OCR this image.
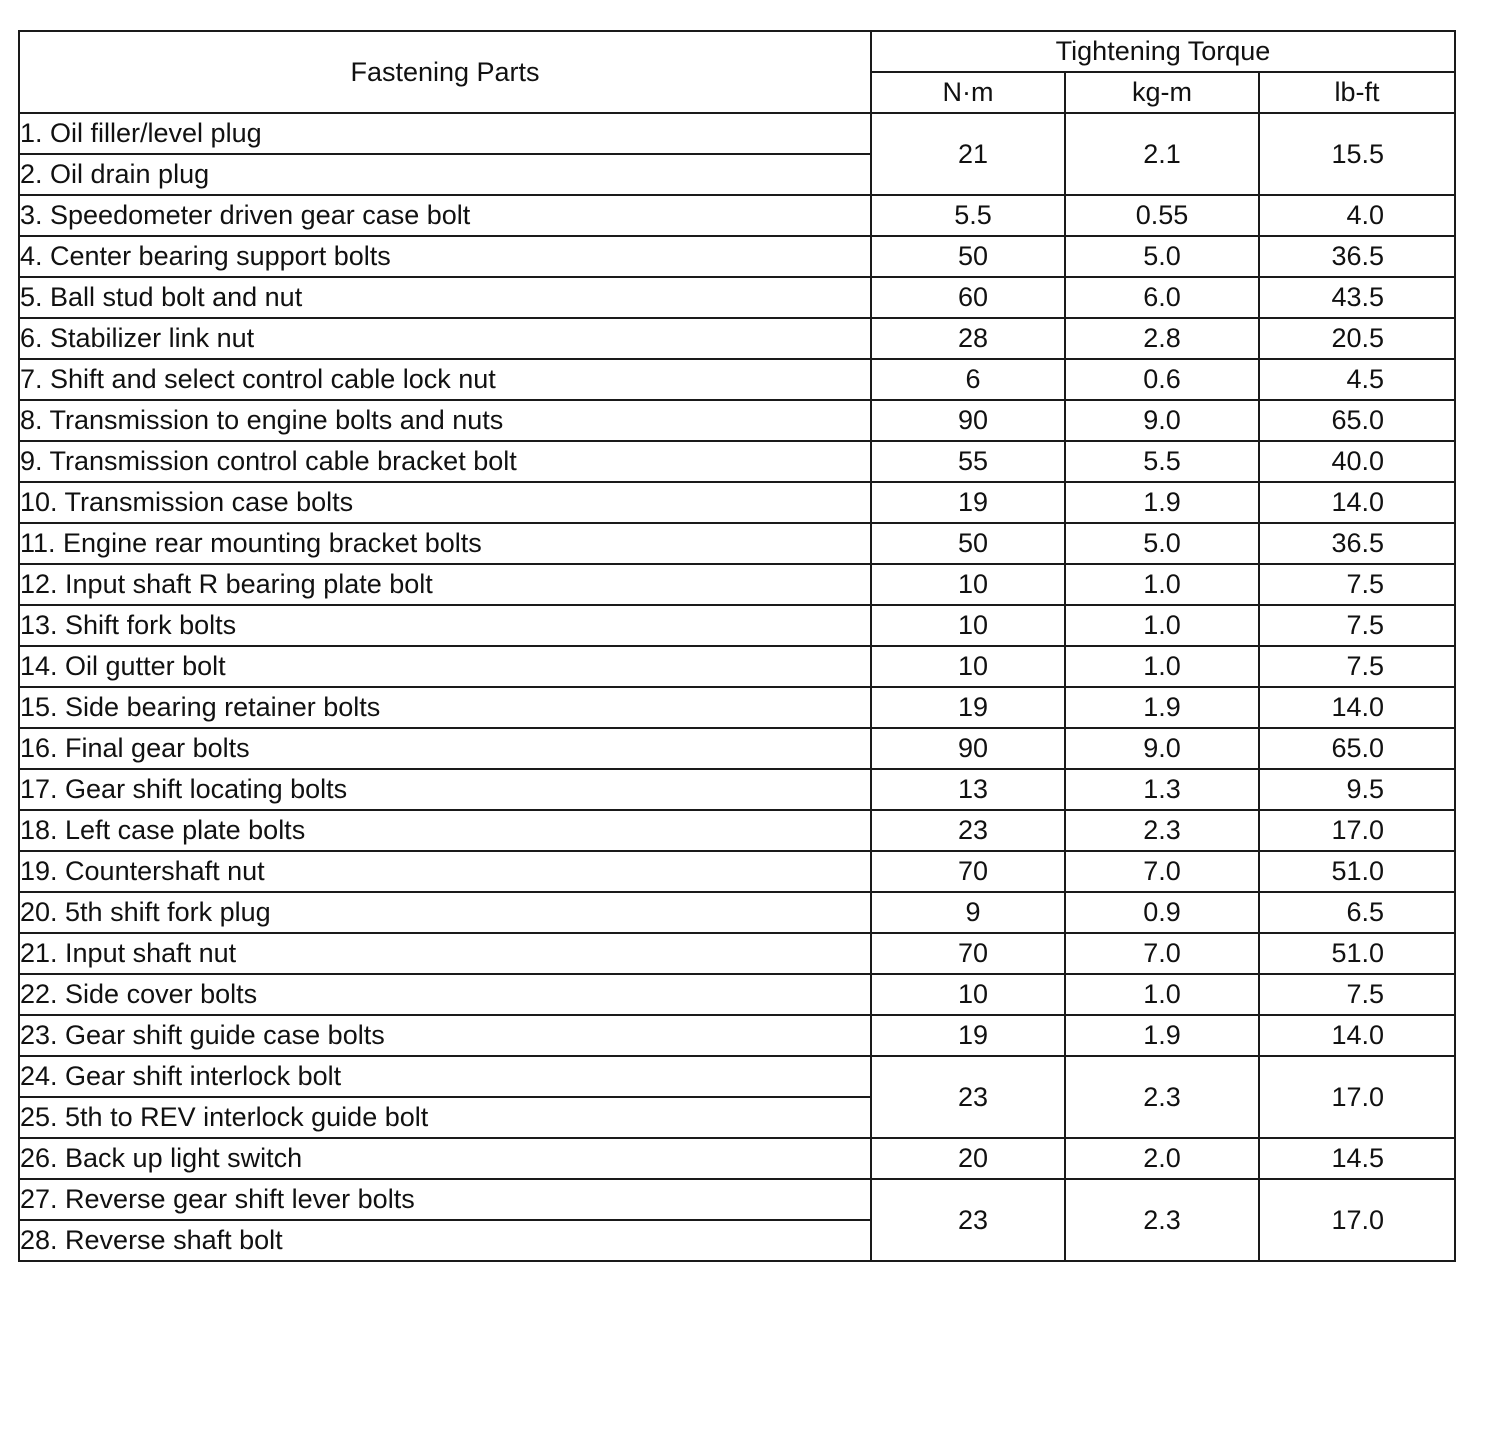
Fastening Parts	Tightening Torque		
	N·m	kg-m	lb-ft
1. Oil filler/level plug	21	2.1	15.5
2. Oil drain plug			
3. Speedometer driven gear case bolt	5.5	0.55	4.0
4. Center bearing support bolts	50	5.0	36.5
5. Ball stud bolt and nut	60	6.0	43.5
6. Stabilizer link nut	28	2.8	20.5
7. Shift and select control cable lock nut	6	0.6	4.5
8. Transmission to engine bolts and nuts	90	9.0	65.0
9. Transmission control cable bracket bolt	55	5.5	40.0
10. Transmission case bolts	19	1.9	14.0
11. Engine rear mounting bracket bolts	50	5.0	36.5
12. Input shaft R bearing plate bolt	10	1.0	7.5
13. Shift fork bolts	10	1.0	7.5
14. Oil gutter bolt	10	1.0	7.5
15. Side bearing retainer bolts	19	1.9	14.0
16. Final gear bolts	90	9.0	65.0
17. Gear shift locating bolts	13	1.3	9.5
18. Left case plate bolts	23	2.3	17.0
19. Countershaft nut	70	7.0	51.0
20. 5th shift fork plug	9	0.9	6.5
21. Input shaft nut	70	7.0	51.0
22. Side cover bolts	10	1.0	7.5
23. Gear shift guide case bolts	19	1.9	14.0
24. Gear shift interlock bolt	23	2.3	17.0
25. 5th to REV interlock guide bolt			
26. Back up light switch	20	2.0	14.5
27. Reverse gear shift lever bolts	23	2.3	17.0
28. Reverse shaft bolt			
